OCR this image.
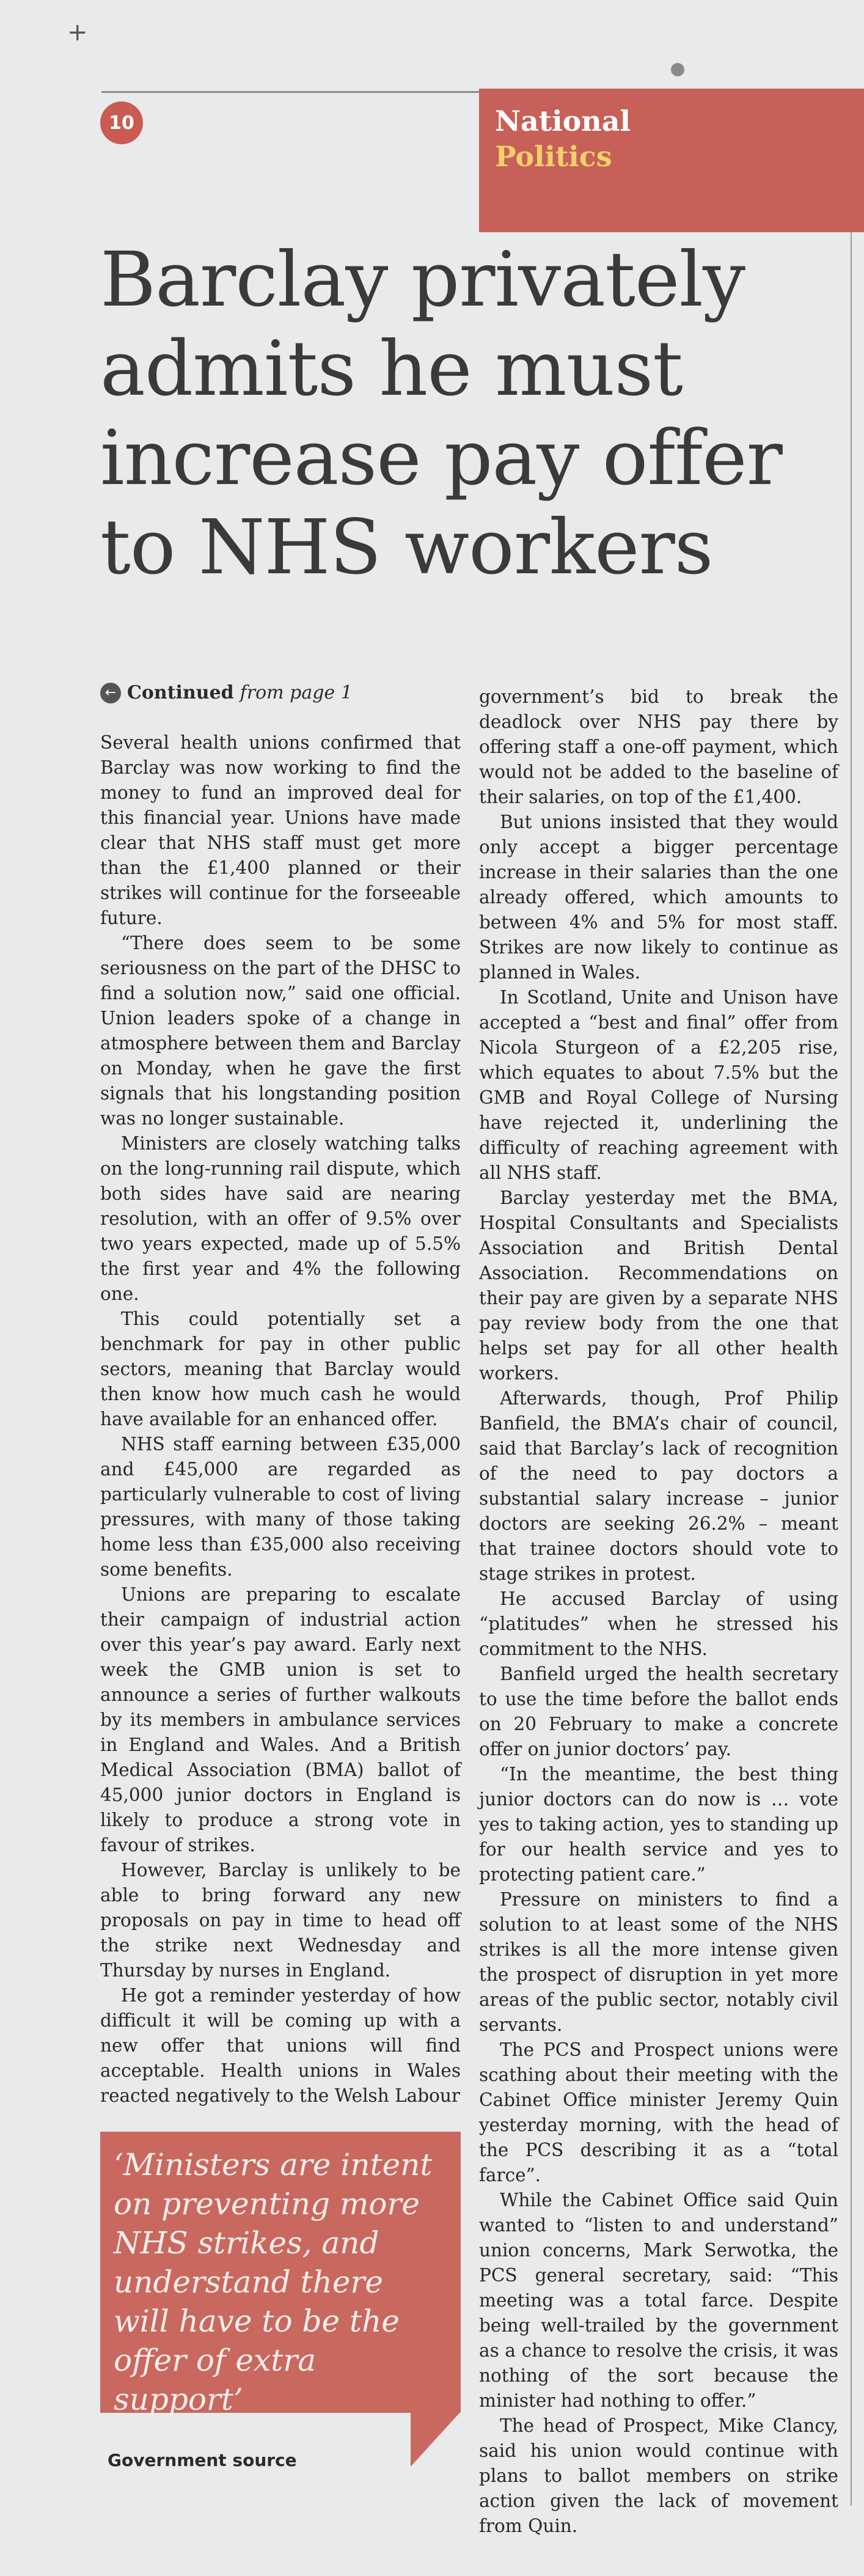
+
10	National
Politics
Barclay privately admits he must increase pay offer to NHS workers
← Continued from page 1

Several health unions confirmed that Barclay was now working to find the money to fund an improved deal for this financial year. Unions have made clear that NHS staff must get more than the £1,400 planned or their strikes will continue for the forseeable future.

“There does seem to be some seriousness on the part of the DHSC to find a solution now,” said one official. Union leaders spoke of a change in atmosphere between them and Barclay on Monday, when he gave the first signals that his longstanding position was no longer sustainable.

Ministers are closely watching talks on the long-running rail dispute, which both sides have said are nearing resolution, with an offer of 9.5% over two years expected, made up of 5.5% the first year and 4% the following one.

This could potentially set a benchmark for pay in other public sectors, meaning that Barclay would then know how much cash he would have available for an enhanced offer.

NHS staff earning between £35,000 and £45,000 are regarded as particularly vulnerable to cost of living pressures, with many of those taking home less than £35,000 also receiving some benefits.

Unions are preparing to escalate their campaign of industrial action over this year’s pay award. Early next week the GMB union is set to announce a series of further walkouts by its members in ambulance services in England and Wales. And a British Medical Association (BMA) ballot of 45,000 junior doctors in England is likely to produce a strong vote in favour of strikes.

However, Barclay is unlikely to be able to bring forward any new proposals on pay in time to head off the strike next Wednesday and Thursday by nurses in England.

He got a reminder yesterday of how difficult it will be coming up with a new offer that unions will find acceptable. Health unions in Wales reacted negatively to the Welsh Labour

government’s bid to break the deadlock over NHS pay there by offering staff a one-off payment, which would not be added to the baseline of their salaries, on top of the £1,400.

But unions insisted that they would only accept a bigger percentage increase in their salaries than the one already offered, which amounts to between 4% and 5% for most staff. Strikes are now likely to continue as planned in Wales.

In Scotland, Unite and Unison have accepted a “best and final” offer from Nicola Sturgeon of a £2,205 rise, which equates to about 7.5% but the GMB and Royal College of Nursing have rejected it, underlining the difficulty of reaching agreement with all NHS staff.

Barclay yesterday met the BMA, Hospital Consultants and Specialists Association and British Dental Association. Recommendations on their pay are given by a separate NHS pay review body from the one that helps set pay for all other health workers.

Afterwards, though, Prof Philip Banfield, the BMA’s chair of council, said that Barclay’s lack of recognition of the need to pay doctors a substantial salary increase – junior doctors are seeking 26.2% – meant that trainee doctors should vote to stage strikes in protest.

He accused Barclay of using “platitudes” when he stressed his commitment to the NHS.

Banfield urged the health secretary to use the time before the ballot ends on 20 February to make a concrete offer on junior doctors’ pay.

“In the meantime, the best thing junior doctors can do now is … vote yes to taking action, yes to standing up for our health service and yes to protecting patient care.”

Pressure on ministers to find a solution to at least some of the NHS strikes is all the more intense given the prospect of disruption in yet more areas of the public sector, notably civil servants.

The PCS and Prospect unions were scathing about their meeting with the Cabinet Office minister Jeremy Quin yesterday morning, with the head of the PCS describing it as a “total farce”.

While the Cabinet Office said Quin wanted to “listen to and understand” union concerns, Mark Serwotka, the PCS general secretary, said: “This meeting was a total farce. Despite being well-trailed by the government as a chance to resolve the crisis, it was nothing of the sort because the minister had nothing to offer.”

The head of Prospect, Mike Clancy, said his union would continue with plans to ballot members on strike action given the lack of movement from Quin.

‘Ministers are intent on preventing more NHS strikes, and understand there will have to be the offer of extra support’
Government source
